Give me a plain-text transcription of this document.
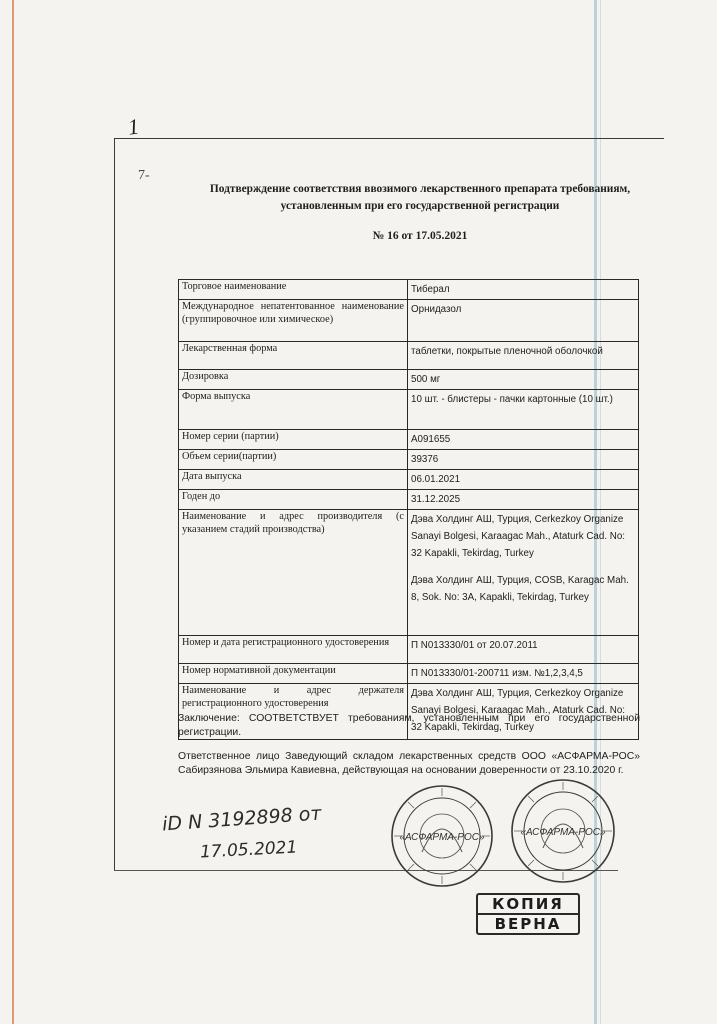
1
7-
Подтверждение соответствия ввозимого лекарственного препарата требованиям, установленным при его государственной регистрации
№ 16 от 17.05.2021
Торговое наименование	Тиберал
Международное непатентованное наименование (группировочное или химическое)	Орнидазол
Лекарственная форма	таблетки, покрытые пленочной оболочкой
Дозировка	500 мг
Форма выпуска	10 шт. - блистеры - пачки картонные (10 шт.)
Номер серии (партии)	A091655
Объем серии(партии)	39376
Дата выпуска	06.01.2021
Годен до	31.12.2025
Наименование и адрес производителя (с указанием стадий производства)	Дэва Холдинг АШ, Турция, Cerkezkoy Organize Sanayi Bolgesi, Karaagac Mah., Ataturk Cad. No: 32 Kapakli, Tekirdag, Turkey
Дэва Холдинг АШ, Турция, COSB, Karagac Mah. 8, Sok. No: 3A, Kapakli, Tekirdag, Turkey
Номер и дата регистрационного удостоверения	П N013330/01 от 20.07.2011
Номер нормативной документации	П N013330/01-200711 изм. №1,2,3,4,5
Наименование и адрес держателя регистрационного удостоверения	Дэва Холдинг АШ, Турция, Cerkezkoy Organize Sanayi Bolgesi, Karaagac Mah., Ataturk Cad. No: 32 Kapakli, Tekirdag, Turkey
Заключение: СООТВЕТСТВУЕТ требованиям, установленным при его государственной регистрации.
Ответственное лицо Заведующий складом лекарственных средств ООО «АСФАРМА-РОС» Сабирзянова Эльмира Кавиевна, действующая на основании доверенности от 23.10.2020 г.
iD N 3192898 от
17.05.2021	«АСФАРМА-РОС»	«АСФАРМА-РОС»
КОПИЯ
ВЕРНА
